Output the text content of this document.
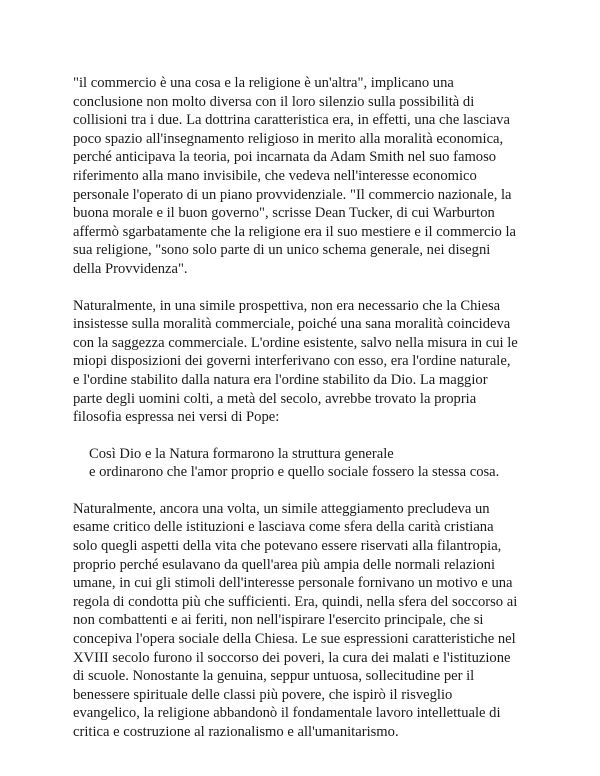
"il commercio è una cosa e la religione è un'altra", implicano una
conclusione non molto diversa con il loro silenzio sulla possibilità di
collisioni tra i due. La dottrina caratteristica era, in effetti, una che lasciava
poco spazio all'insegnamento religioso in merito alla moralità economica,
perché anticipava la teoria, poi incarnata da Adam Smith nel suo famoso
riferimento alla mano invisibile, che vedeva nell'interesse economico
personale l'operato di un piano provvidenziale. "Il commercio nazionale, la
buona morale e il buon governo", scrisse Dean Tucker, di cui Warburton
affermò sgarbatamente che la religione era il suo mestiere e il commercio la
sua religione, "sono solo parte di un unico schema generale, nei disegni
della Provvidenza".
Naturalmente, in una simile prospettiva, non era necessario che la Chiesa
insistesse sulla moralità commerciale, poiché una sana moralità coincideva
con la saggezza commerciale. L'ordine esistente, salvo nella misura in cui le
miopi disposizioni dei governi interferivano con esso, era l'ordine naturale,
e l'ordine stabilito dalla natura era l'ordine stabilito da Dio. La maggior
parte degli uomini colti, a metà del secolo, avrebbe trovato la propria
filosofia espressa nei versi di Pope:
Così Dio e la Natura formarono la struttura generale
e ordinarono che l'amor proprio e quello sociale fossero la stessa cosa.
Naturalmente, ancora una volta, un simile atteggiamento precludeva un
esame critico delle istituzioni e lasciava come sfera della carità cristiana
solo quegli aspetti della vita che potevano essere riservati alla filantropia,
proprio perché esulavano da quell'area più ampia delle normali relazioni
umane, in cui gli stimoli dell'interesse personale fornivano un motivo e una
regola di condotta più che sufficienti. Era, quindi, nella sfera del soccorso ai
non combattenti e ai feriti, non nell'ispirare l'esercito principale, che si
concepiva l'opera sociale della Chiesa. Le sue espressioni caratteristiche nel
XVIII secolo furono il soccorso dei poveri, la cura dei malati e l'istituzione
di scuole. Nonostante la genuina, seppur untuosa, sollecitudine per il
benessere spirituale delle classi più povere, che ispirò il risveglio
evangelico, la religione abbandonò il fondamentale lavoro intellettuale di
critica e costruzione al razionalismo e all'umanitarismo.
